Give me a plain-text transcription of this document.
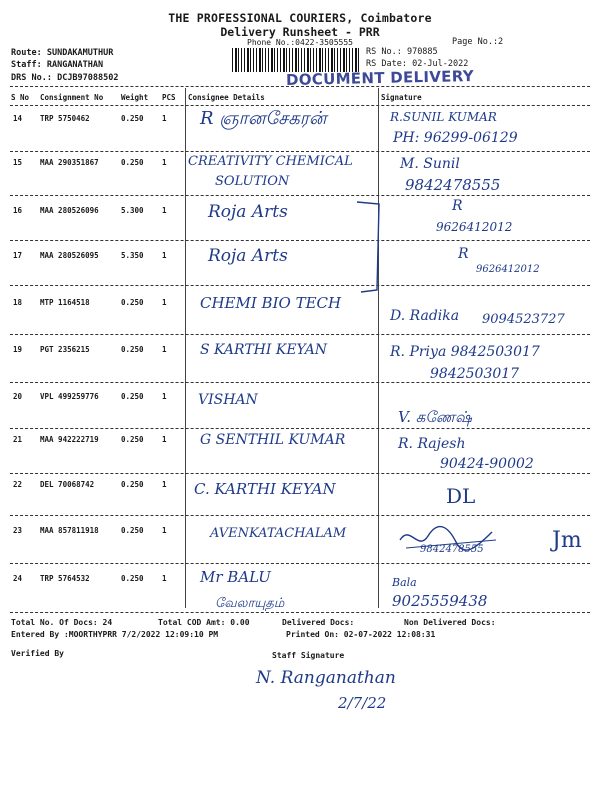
THE PROFESSIONAL COURIERS, Coimbatore
Delivery Runsheet - PRR
Phone No.:0422-3505555	Page No.:2
Route: SUNDAKAMUTHUR
Staff: RANGANATHAN
DRS No.: DCJB97088502
RS No.: 970885
RS Date: 02-Jul-2022
DOCUMENT DELIVERY
S No Consignment No Weight PCS Consignee Details	Signature
14 TRP 5750462	0.250 1 R ஞானசேகரன்	R.SUNIL KUMAR
PH: 96299-06129
15 MAA 290351867	0.250 1 CREATIVITY CHEMICAL
SOLUTION
M. Sunil
9842478555
16 MAA 280526096	5.300 1 Roja Arts	R
9626412012
17 MAA 280526095	5.350 1 Roja Arts	R
9626412012
18 MTP 1164518	0.250 1 CHEMI BIO TECH
D. Radika 9094523727
19 PGT 2356215	0.250 1 S KARTHI KEYAN	R. Priya 9842503017
9842503017
20 VPL 499259776	0.250 1 VISHAN
V. கணேஷ்
21 MAA 942222719	0.250 1 G SENTHIL KUMAR	R. Rajesh
90424-90002
22 DEL 70068742	0.250 1 C. KARTHI KEYAN	DL
23 MAA 857811918	0.250 1	AVENKATACHALAM
9842478555	Jm
24 TRP 5764532	0.250 1 Mr BALU
வேலாயுதம்
Bala
9025559438
Total No. Of Docs: 24	Total COD Amt: 0.00	Delivered Docs:	Non Delivered Docs:
Entered By :MOORTHYPRR 7/2/2022 12:09:10 PM	Printed On: 02-07-2022 12:08:31
Verified By	Staff Signature
N. Ranganathan
2/7/22
